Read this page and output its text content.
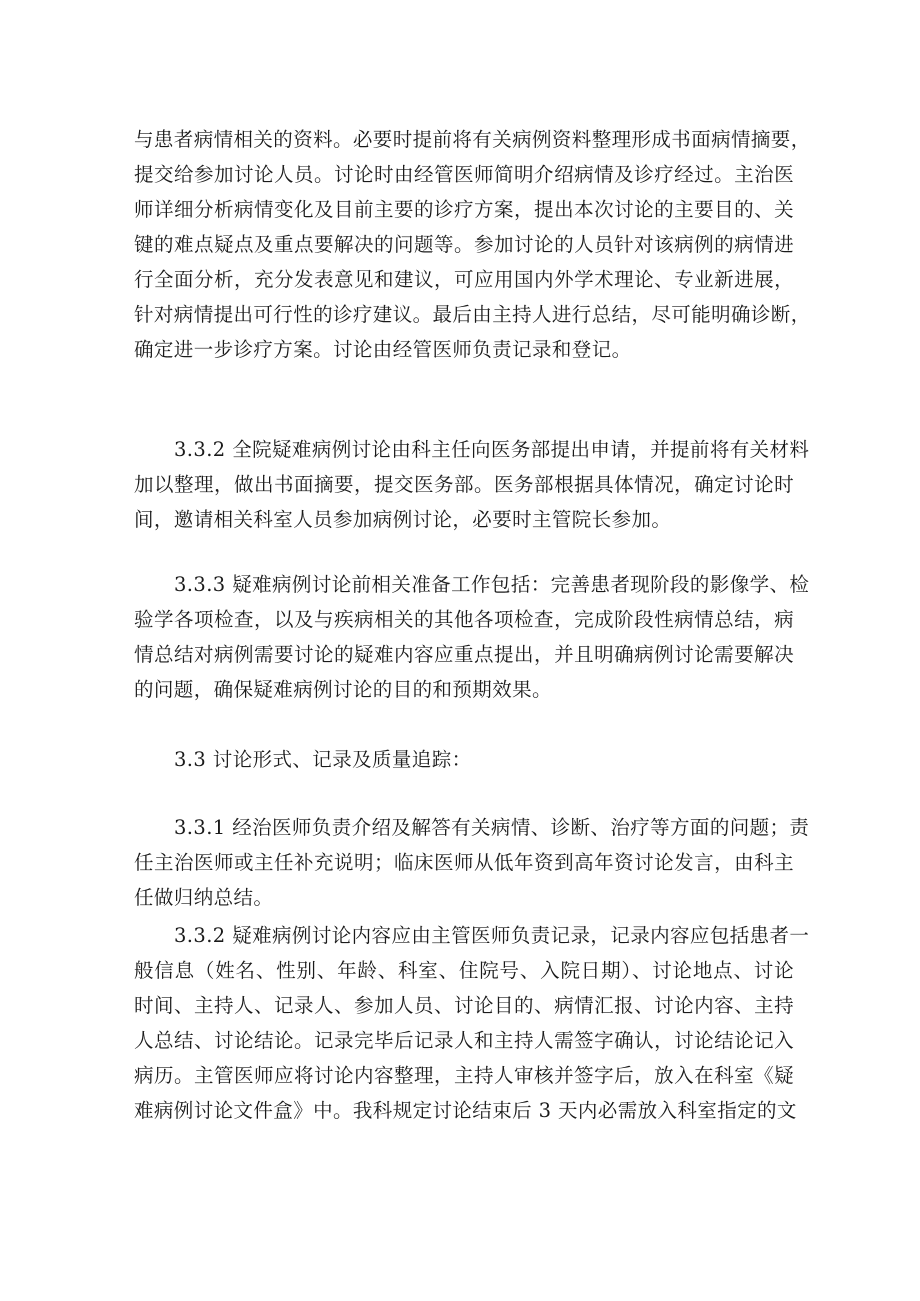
与患者病情相关的资料。必要时提前将有关病例资料整理形成书面病情摘要，
提交给参加讨论人员。讨论时由经管医师简明介绍病情及诊疗经过。主治医
师详细分析病情变化及目前主要的诊疗方案，提出本次讨论的主要目的、关
键的难点疑点及重点要解决的问题等。参加讨论的人员针对该病例的病情进
行全面分析，充分发表意见和建议，可应用国内外学术理论、专业新进展，
针对病情提出可行性的诊疗建议。最后由主持人进行总结，尽可能明确诊断，
确定进一步诊疗方案。讨论由经管医师负责记录和登记。
3.3.2 全院疑难病例讨论由科主任向医务部提出申请，并提前将有关材料
加以整理，做出书面摘要，提交医务部。医务部根据具体情况，确定讨论时
间，邀请相关科室人员参加病例讨论，必要时主管院长参加。
3.3.3 疑难病例讨论前相关准备工作包括：完善患者现阶段的影像学、检
验学各项检查，以及与疾病相关的其他各项检查，完成阶段性病情总结，病
情总结对病例需要讨论的疑难内容应重点提出，并且明确病例讨论需要解决
的问题，确保疑难病例讨论的目的和预期效果。
3.3 讨论形式、记录及质量追踪：
3.3.1 经治医师负责介绍及解答有关病情、诊断、治疗等方面的问题；责
任主治医师或主任补充说明；临床医师从低年资到高年资讨论发言，由科主
任做归纳总结。
3.3.2 疑难病例讨论内容应由主管医师负责记录，记录内容应包括患者一
般信息（姓名、性别、年龄、科室、住院号、入院日期）、讨论地点、讨论
时间、主持人、记录人、参加人员、讨论目的、病情汇报、讨论内容、主持
人总结、讨论结论。记录完毕后记录人和主持人需签字确认，讨论结论记入
病历。主管医师应将讨论内容整理，主持人审核并签字后，放入在科室《疑
难病例讨论文件盒》中。我科规定讨论结束后 3 天内必需放入科室指定的文
